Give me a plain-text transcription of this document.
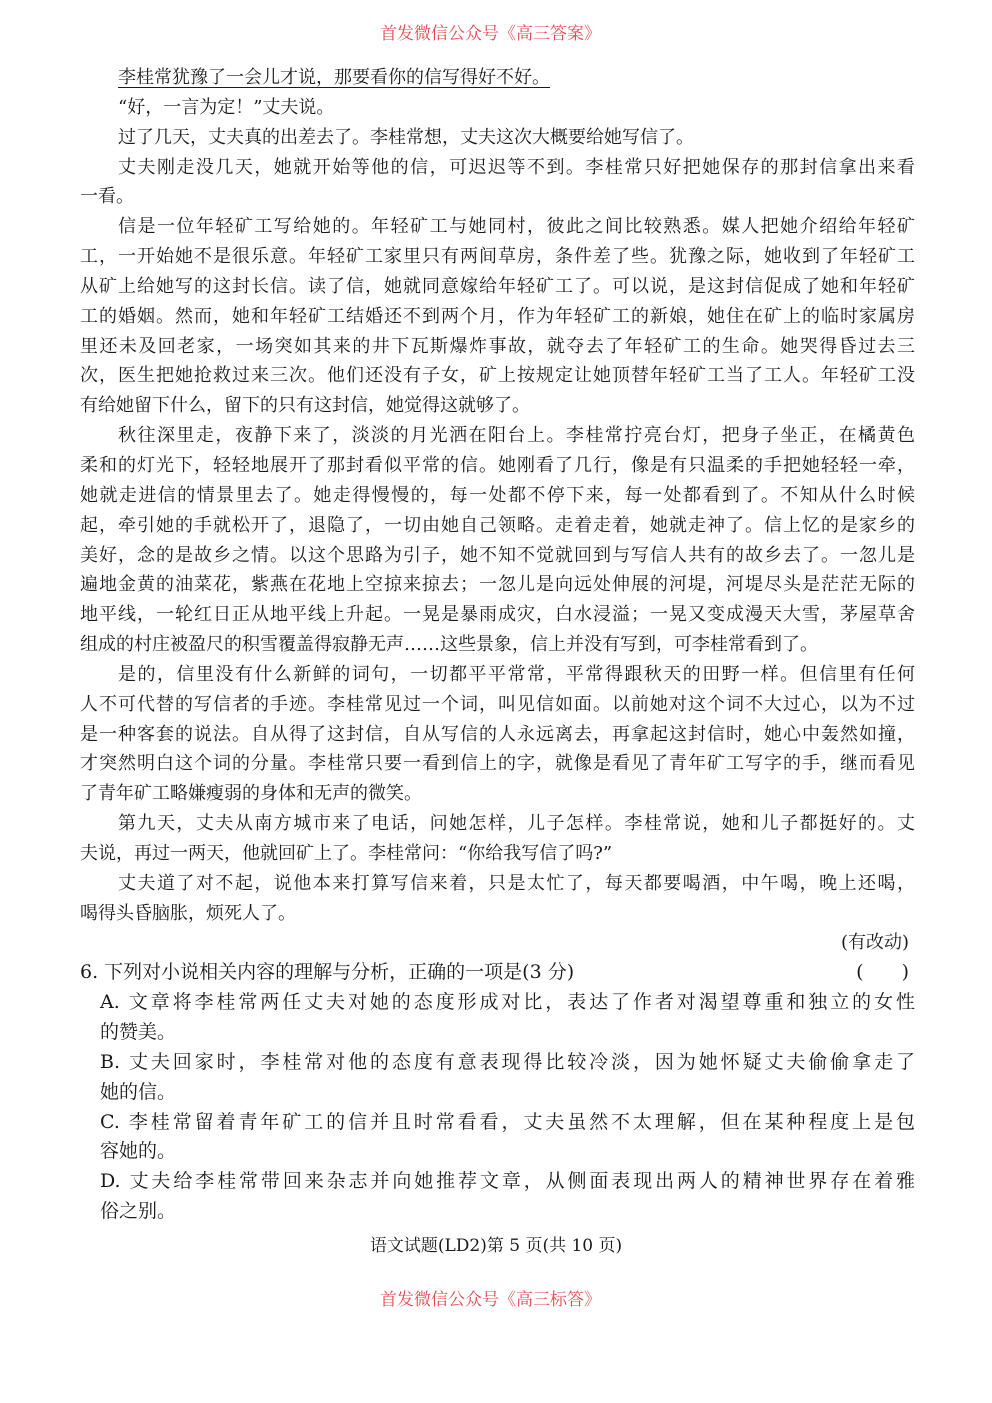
李桂常犹豫了一会儿才说，那要看你的信写得好不好。
“好，一言为定！”丈夫说。
过了几天，丈夫真的出差去了。李桂常想，丈夫这次大概要给她写信了。
丈夫刚走没几天，她就开始等他的信，可迟迟等不到。李桂常只好把她保存的那封信拿出来看
一看。
信是一位年轻矿工写给她的。年轻矿工与她同村，彼此之间比较熟悉。媒人把她介绍给年轻矿
工，一开始她不是很乐意。年轻矿工家里只有两间草房，条件差了些。犹豫之际，她收到了年轻矿工
从矿上给她写的这封长信。读了信，她就同意嫁给年轻矿工了。可以说，是这封信促成了她和年轻矿
工的婚姻。然而，她和年轻矿工结婚还不到两个月，作为年轻矿工的新娘，她住在矿上的临时家属房
里还未及回老家，一场突如其来的井下瓦斯爆炸事故，就夺去了年轻矿工的生命。她哭得昏过去三
次，医生把她抢救过来三次。他们还没有子女，矿上按规定让她顶替年轻矿工当了工人。年轻矿工没
有给她留下什么，留下的只有这封信，她觉得这就够了。
秋往深里走，夜静下来了，淡淡的月光洒在阳台上。李桂常拧亮台灯，把身子坐正，在橘黄色
柔和的灯光下，轻轻地展开了那封看似平常的信。她刚看了几行，像是有只温柔的手把她轻轻一牵，
她就走进信的情景里去了。她走得慢慢的，每一处都不停下来，每一处都看到了。不知从什么时候
起，牵引她的手就松开了，退隐了，一切由她自己领略。走着走着，她就走神了。信上忆的是家乡的
美好，念的是故乡之情。以这个思路为引子，她不知不觉就回到与写信人共有的故乡去了。一忽儿是
遍地金黄的油菜花，紫燕在花地上空掠来掠去；一忽儿是向远处伸展的河堤，河堤尽头是茫茫无际的
地平线，一轮红日正从地平线上升起。一晃是暴雨成灾，白水浸溢；一晃又变成漫天大雪，茅屋草舍
组成的村庄被盈尺的积雪覆盖得寂静无声……这些景象，信上并没有写到，可李桂常看到了。
是的，信里没有什么新鲜的词句，一切都平平常常，平常得跟秋天的田野一样。但信里有任何
人不可代替的写信者的手迹。李桂常见过一个词，叫见信如面。以前她对这个词不大过心，以为不过
是一种客套的说法。自从得了这封信，自从写信的人永远离去，再拿起这封信时，她心中轰然如撞，
才突然明白这个词的分量。李桂常只要一看到信上的字，就像是看见了青年矿工写字的手，继而看见
了青年矿工略嫌瘦弱的身体和无声的微笑。
第九天，丈夫从南方城市来了电话，问她怎样，儿子怎样。李桂常说，她和儿子都挺好的。丈
夫说，再过一两天，他就回矿上了。李桂常问：“你给我写信了吗?”
丈夫道了对不起，说他本来打算写信来着，只是太忙了，每天都要喝酒，中午喝，晚上还喝，
喝得头昏脑胀，烦死人了。
(有改动)
6. 下列对小说相关内容的理解与分析，正确的一项是(3 分)	(　　)
A. 文章将李桂常两任丈夫对她的态度形成对比，表达了作者对渴望尊重和独立的女性
的赞美。
B. 丈夫回家时，李桂常对他的态度有意表现得比较冷淡，因为她怀疑丈夫偷偷拿走了
她的信。
C. 李桂常留着青年矿工的信并且时常看看，丈夫虽然不太理解，但在某种程度上是包
容她的。
D. 丈夫给李桂常带回来杂志并向她推荐文章，从侧面表现出两人的精神世界存在着雅
俗之别。
首发微信公众号《高三答案》
首发微信公众号《高三标答》
语文试题(LD2)第 5 页(共 10 页)
